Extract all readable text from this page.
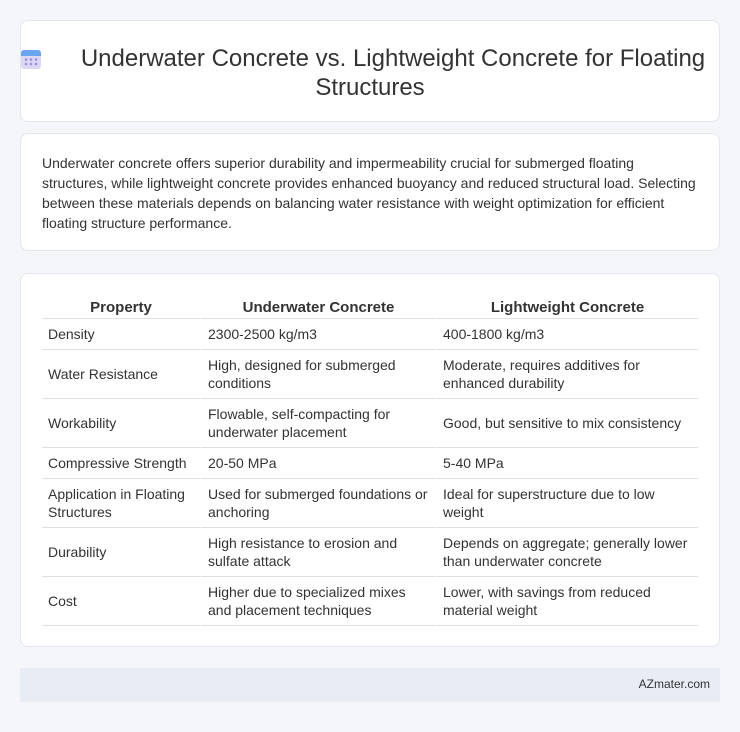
Underwater Concrete vs. Lightweight Concrete for Floating Structures

Underwater concrete offers superior durability and impermeability crucial for submerged floating structures, while lightweight concrete provides enhanced buoyancy and reduced structural load. Selecting between these materials depends on balancing water resistance with weight optimization for efficient floating structure performance.

Property	Underwater Concrete	Lightweight Concrete
Density	2300-2500 kg/m3	400-1800 kg/m3
Water Resistance	High, designed for submerged conditions	Moderate, requires additives for enhanced durability
Workability	Flowable, self-compacting for underwater placement	Good, but sensitive to mix consistency
Compressive Strength	20-50 MPa	5-40 MPa
Application in Floating Structures	Used for submerged foundations or anchoring	Ideal for superstructure due to low weight
Durability	High resistance to erosion and sulfate attack	Depends on aggregate; generally lower than underwater concrete
Cost	Higher due to specialized mixes and placement techniques	Lower, with savings from reduced material weight
AZmater.com
